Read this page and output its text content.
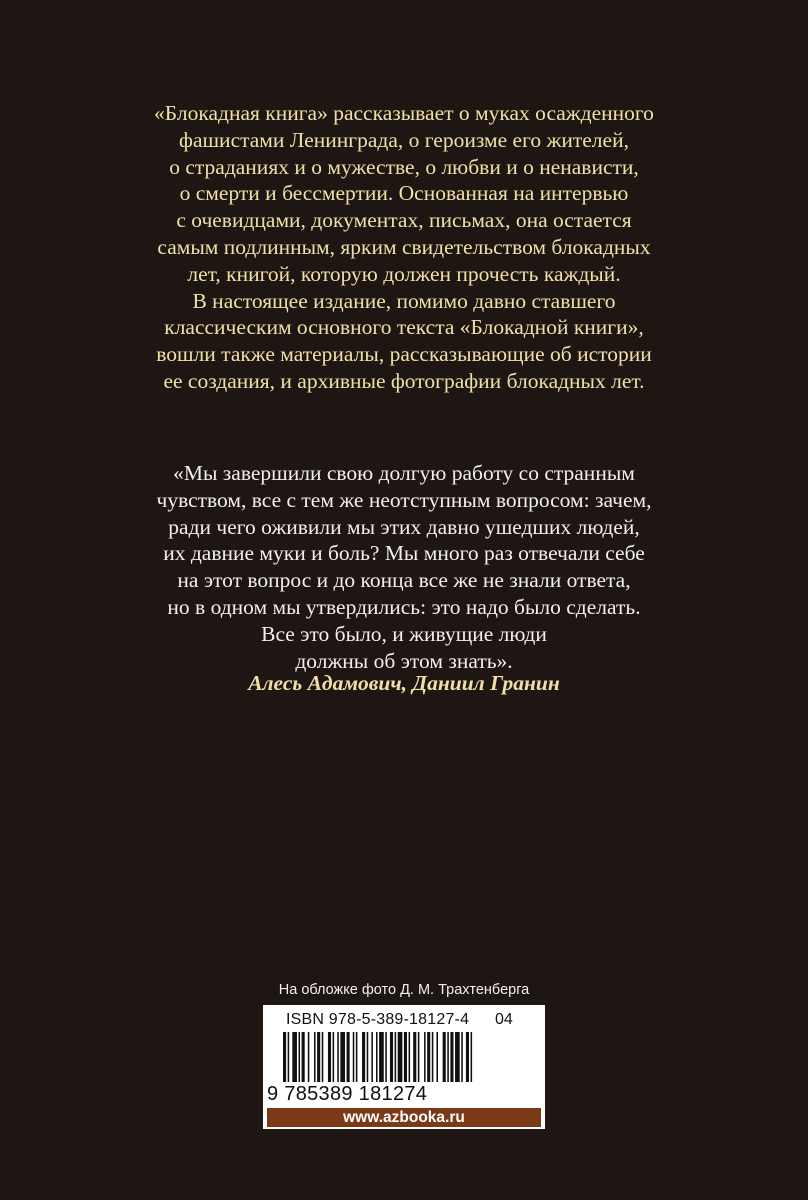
«Блокадная книга» рассказывает о муках осажденного
фашистами Ленинграда, о героизме его жителей,
о страданиях и о мужестве, о любви и о ненависти,
о смерти и бессмертии. Основанная на интервью
с очевидцами, документах, письмах, она остается
самым подлинным, ярким свидетельством блокадных
лет, книгой, которую должен прочесть каждый.
В настоящее издание, помимо давно ставшего
классическим основного текста «Блокадной книги»,
вошли также материалы, рассказывающие об истории
ее создания, и архивные фотографии блокадных лет.
«Мы завершили свою долгую работу со странным
чувством, все с тем же неотступным вопросом: зачем,
ради чего оживили мы этих давно ушедших людей,
их давние муки и боль? Мы много раз отвечали себе
на этот вопрос и до конца все же не знали ответа,
но в одном мы утвердились: это надо было сделать.
Все это было, и живущие люди
должны об этом знать».
Алесь Адамович, Даниил Гранин
На обложке фото Д. М. Трахтенберга
ISBN 978-5-389-18127-4 04
9 785389 181274
www.azbooka.ru
